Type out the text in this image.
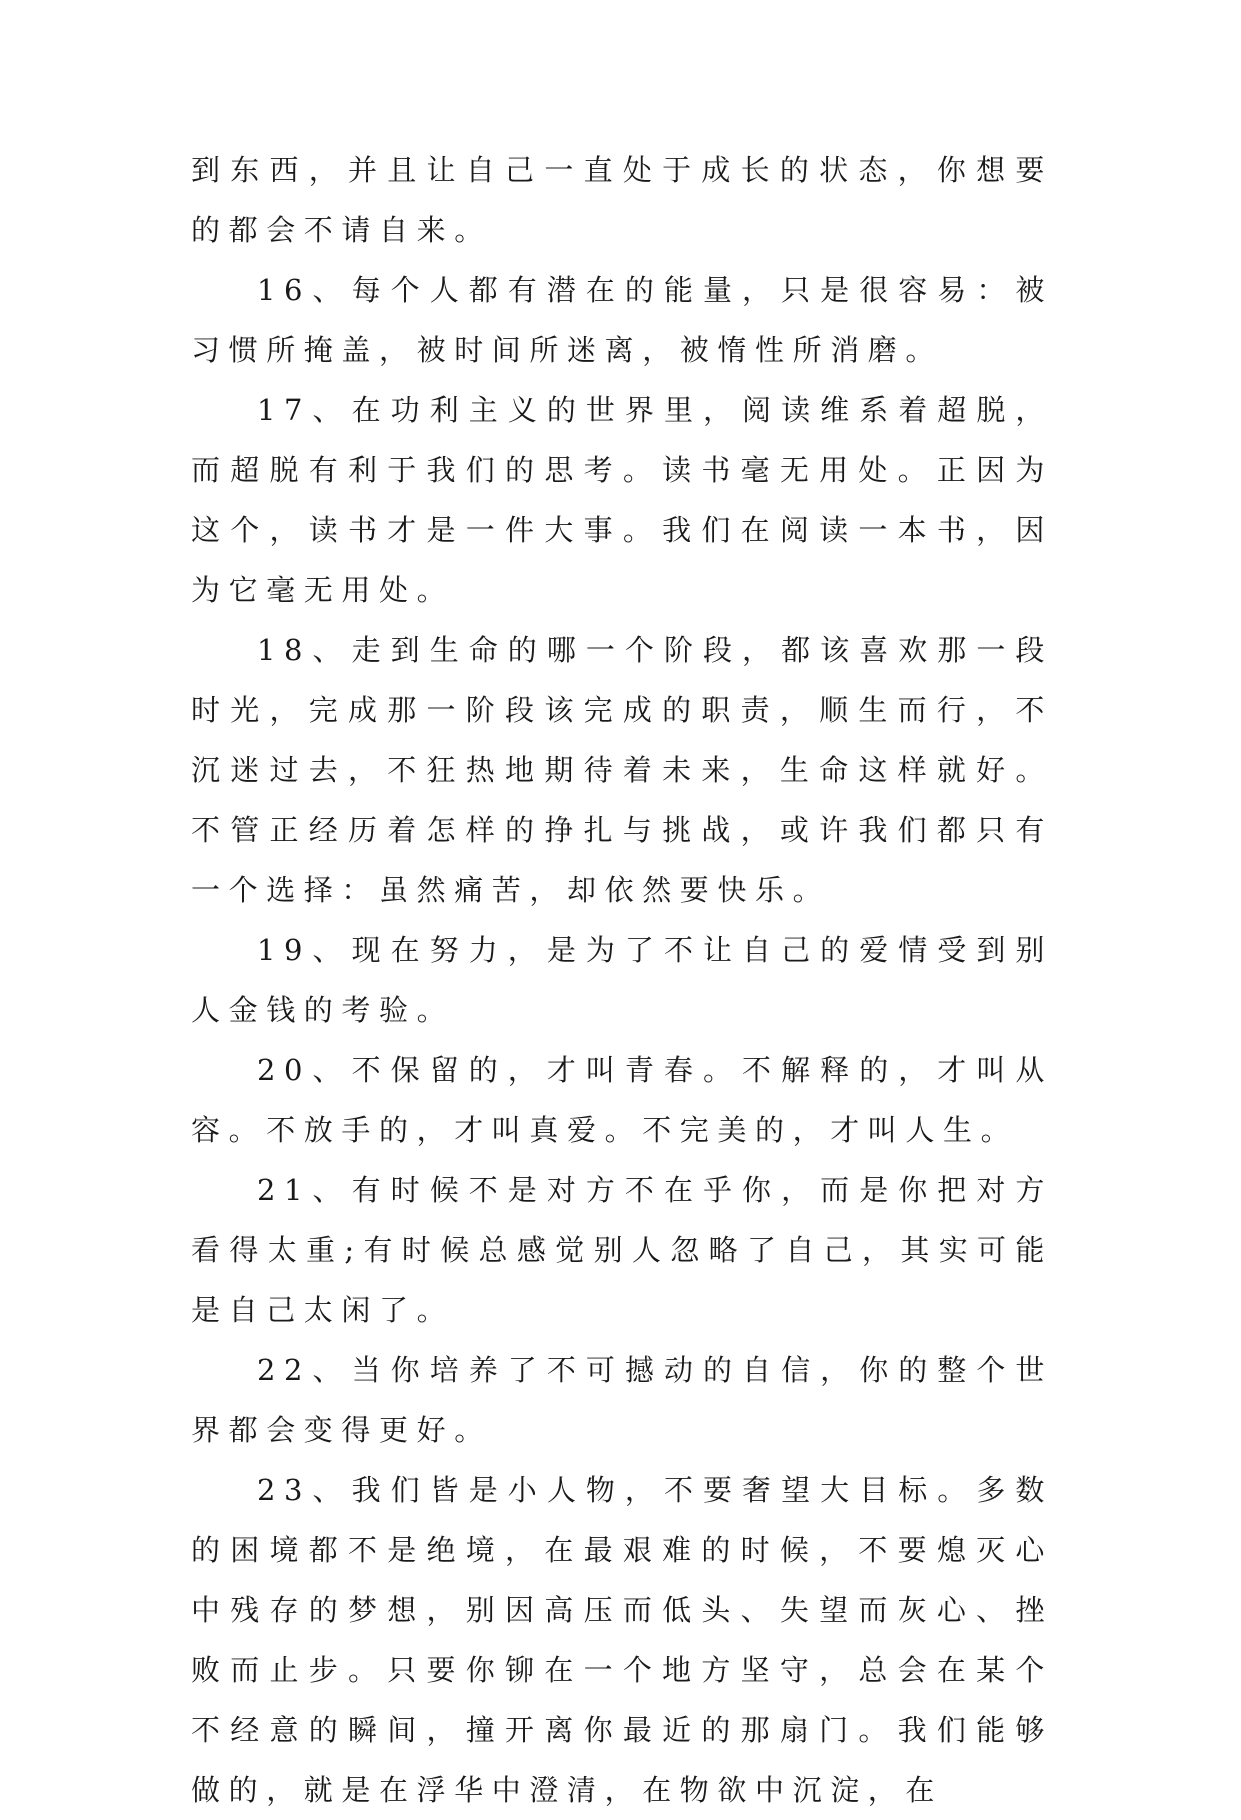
到东西，并且让自己一直处于成长的状态，你想要的都会不请自来。

16、每个人都有潜在的能量，只是很容易：被习惯所掩盖，被时间所迷离，被惰性所消磨。

17、在功利主义的世界里，阅读维系着超脱，而超脱有利于我们的思考。读书毫无用处。正因为这个，读书才是一件大事。我们在阅读一本书，因为它毫无用处。

18、走到生命的哪一个阶段，都该喜欢那一段时光，完成那一阶段该完成的职责，顺生而行，不沉迷过去，不狂热地期待着未来，生命这样就好。不管正经历着怎样的挣扎与挑战，或许我们都只有一个选择：虽然痛苦，却依然要快乐。

19、现在努力，是为了不让自己的爱情受到别人金钱的考验。

20、不保留的，才叫青春。不解释的，才叫从容。不放手的，才叫真爱。不完美的，才叫人生。

21、有时候不是对方不在乎你，而是你把对方看得太重;有时候总感觉别人忽略了自己，其实可能是自己太闲了。

22、当你培养了不可撼动的自信，你的整个世界都会变得更好。

23、我们皆是小人物，不要奢望大目标。多数的困境都不是绝境，在最艰难的时候，不要熄灭心中残存的梦想，别因高压而低头、失望而灰心、挫败而止步。只要你铆在一个地方坚守，总会在某个不经意的瞬间，撞开离你最近的那扇门。我们能够做的，就是在浮华中澄清，在物欲中沉淀，在
